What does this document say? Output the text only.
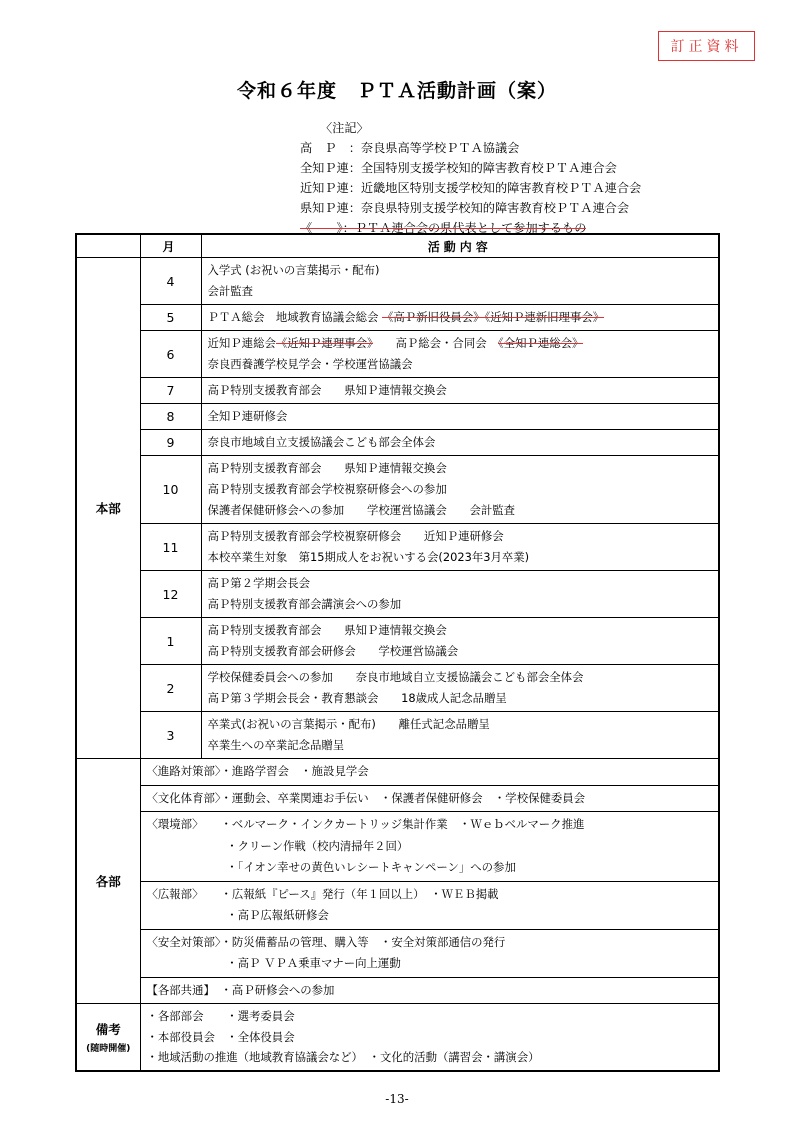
訂正資料
令和６年度　ＰＴＡ活動計画（案）
〈注記〉
高　Ｐ　：奈良県高等学校ＰＴＡ協議会
全知Ｐ連：全国特別支援学校知的障害教育校ＰＴＡ連合会
近知Ｐ連：近畿地区特別支援学校知的障害教育校ＰＴＡ連合会
県知Ｐ連：奈良県特別支援学校知的障害教育校ＰＴＡ連合会
《　　》：ＰＴＡ連合会の県代表として参加するもの
	月	活動内容
本部	4	入学式 (お祝いの言葉掲示・配布)
会計監査

	5	ＰＴＡ総会　地域教育協議会総会 《高Ｐ新旧役員会》《近知Ｐ連新旧理事会》

	6	近知Ｐ連総会《近知Ｐ連理事会》　　高Ｐ総会・合同会　《全知Ｐ連総会》
奈良西養護学校見学会・学校運営協議会

	7	高Ｐ特別支援教育部会　　県知Ｐ連情報交換会

	8	全知Ｐ連研修会

	9	奈良市地域自立支援協議会こども部会全体会

	10	高Ｐ特別支援教育部会　　県知Ｐ連情報交換会
高Ｐ特別支援教育部会学校視察研修会への参加
保護者保健研修会への参加　　学校運営協議会　　会計監査

	11	高Ｐ特別支援教育部会学校視察研修会　　近知Ｐ連研修会
本校卒業生対象　第15期成人をお祝いする会(2023年3月卒業)

	12	高Ｐ第２学期会長会
高Ｐ特別支援教育部会講演会への参加

	1	高Ｐ特別支援教育部会　　県知Ｐ連情報交換会
高Ｐ特別支援教育部会研修会　　学校運営協議会

	2	学校保健委員会への参加　　奈良市地域自立支援協議会こども部会全体会
高Ｐ第３学期会長会・教育懇談会　　18歳成人記念品贈呈

	3	卒業式(お祝いの言葉掲示・配布)　　離任式記念品贈呈
卒業生への卒業記念品贈呈

各部	〈進路対策部〉・進路学習会　・施設見学会	

	〈文化体育部〉・運動会、卒業関連お手伝い　・保護者保健研修会　・学校保健委員会	

	〈環境部〉　　・ベルマーク・インクカートリッジ集計作業　・Ｗｅｂベルマーク推進
　　　　　　　・クリーン作戦（校内清掃年２回）
　　　　　　　・「イオン幸せの黄色いレシートキャンペーン」への参加	

	〈広報部〉　　・広報紙『ピース』発行（年１回以上）　・ＷＥＢ掲載
　　　　　　　・高Ｐ広報紙研修会	

	〈安全対策部〉・防災備蓄品の管理、購入等　・安全対策部通信の発行
　　　　　　　・高Ｐ ＶＰＡ乗車マナー向上運動	

	【各部共通】　・高Ｐ研修会への参加	

備考
(随時開催)	・各部部会　　・選考委員会
・本部役員会　・全体役員会
・地域活動の推進（地域教育協議会など）　・文化的活動（講習会・講演会）	
-13-
